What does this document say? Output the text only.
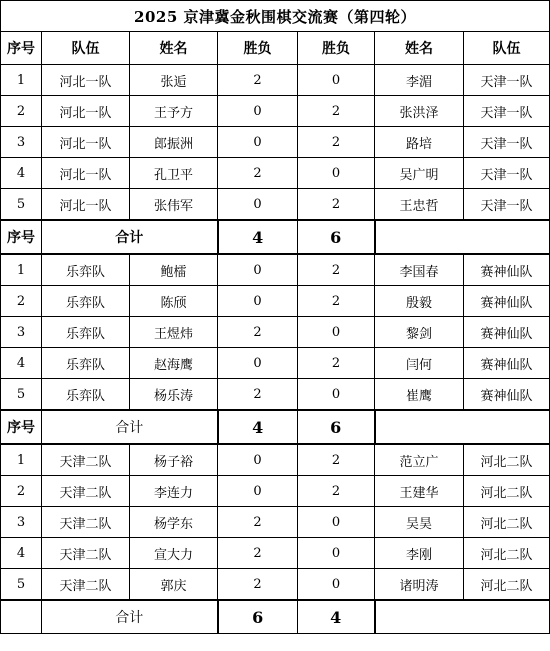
2025 京津冀金秋围棋交流赛（第四轮）						
序号	队伍	姓名	胜负	胜负	姓名	队伍
1	河北一队	张逅	2	0	李湄	天津一队
2	河北一队	王予方	0	2	张洪泽	天津一队
3	河北一队	郎振洲	0	2	路培	天津一队
4	河北一队	孔卫平	2	0	吴广明	天津一队
5	河北一队	张伟军	0	2	王忠哲	天津一队
序号	合计		4	6		
1	乐弈队	鲍檑	0	2	李国春	赛神仙队
2	乐弈队	陈颀	0	2	殷毅	赛神仙队
3	乐弈队	王煜炜	2	0	黎剑	赛神仙队
4	乐弈队	赵海鹰	0	2	闫何	赛神仙队
5	乐弈队	杨乐涛	2	0	崔鹰	赛神仙队
序号	合计		4	6		
1	天津二队	杨子裕	0	2	范立广	河北二队
2	天津二队	李连力	0	2	王建华	河北二队
3	天津二队	杨学东	2	0	吴昊	河北二队
4	天津二队	宣大力	2	0	李刚	河北二队
5	天津二队	郭庆	2	0	诸明涛	河北二队
	合计		6	4		
